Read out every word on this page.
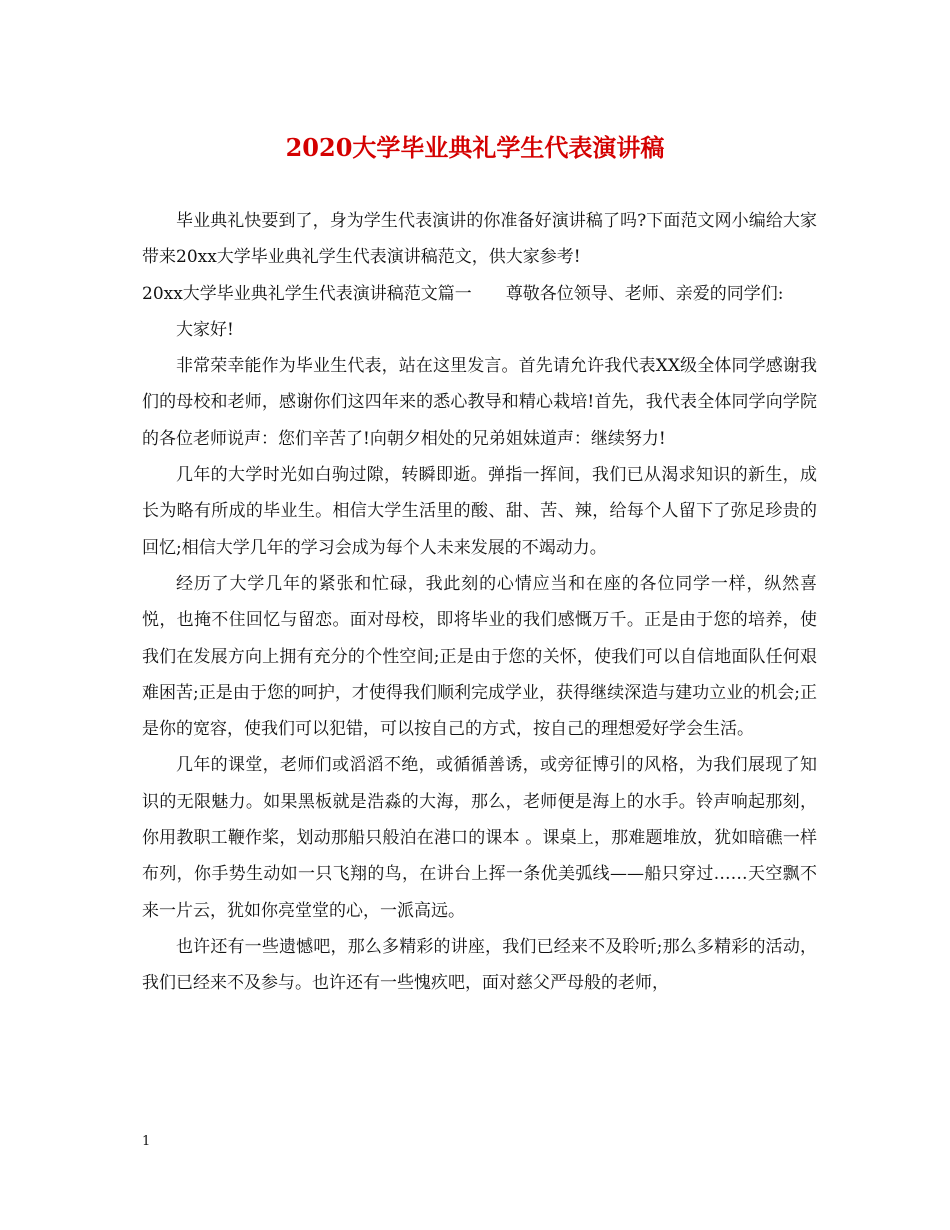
2020大学毕业典礼学生代表演讲稿

毕业典礼快要到了，身为学生代表演讲的你准备好演讲稿了吗?下面范文网小编给大家带来20xx大学毕业典礼学生代表演讲稿范文，供大家参考!

20xx大学毕业典礼学生代表演讲稿范文篇一 尊敬各位领导、老师、亲爱的同学们:

大家好!

非常荣幸能作为毕业生代表，站在这里发言。首先请允许我代表XX级全体同学感谢我们的母校和老师，感谢你们这四年来的悉心教导和精心栽培!首先，我代表全体同学向学院的各位老师说声：您们辛苦了!向朝夕相处的兄弟姐妹道声：继续努力!

几年的大学时光如白驹过隙，转瞬即逝。弹指一挥间，我们已从渴求知识的新生，成长为略有所成的毕业生。相信大学生活里的酸、甜、苦、辣，给每个人留下了弥足珍贵的回忆;相信大学几年的学习会成为每个人未来发展的不竭动力。

经历了大学几年的紧张和忙碌，我此刻的心情应当和在座的各位同学一样，纵然喜悦，也掩不住回忆与留恋。面对母校，即将毕业的我们感慨万千。正是由于您的培养，使我们在发展方向上拥有充分的个性空间;正是由于您的关怀，使我们可以自信地面队任何艰难困苦;正是由于您的呵护，才使得我们顺利完成学业，获得继续深造与建功立业的机会;正是你的宽容，使我们可以犯错，可以按自己的方式，按自己的理想爱好学会生活。

几年的课堂，老师们或滔滔不绝，或循循善诱，或旁征博引的风格，为我们展现了知识的无限魅力。如果黑板就是浩淼的大海，那么，老师便是海上的水手。铃声响起那刻，你用教职工鞭作桨，划动那船只般泊在港口的课本 。课桌上，那难题堆放，犹如暗礁一样布列，你手势生动如一只飞翔的鸟，在讲台上挥一条优美弧线——船只穿过……天空飘不来一片云，犹如你亮堂堂的心，一派高远。

也许还有一些遗憾吧，那么多精彩的讲座，我们已经来不及聆听;那么多精彩的活动，我们已经来不及参与。也许还有一些愧疚吧，面对慈父严母般的老师，

1
